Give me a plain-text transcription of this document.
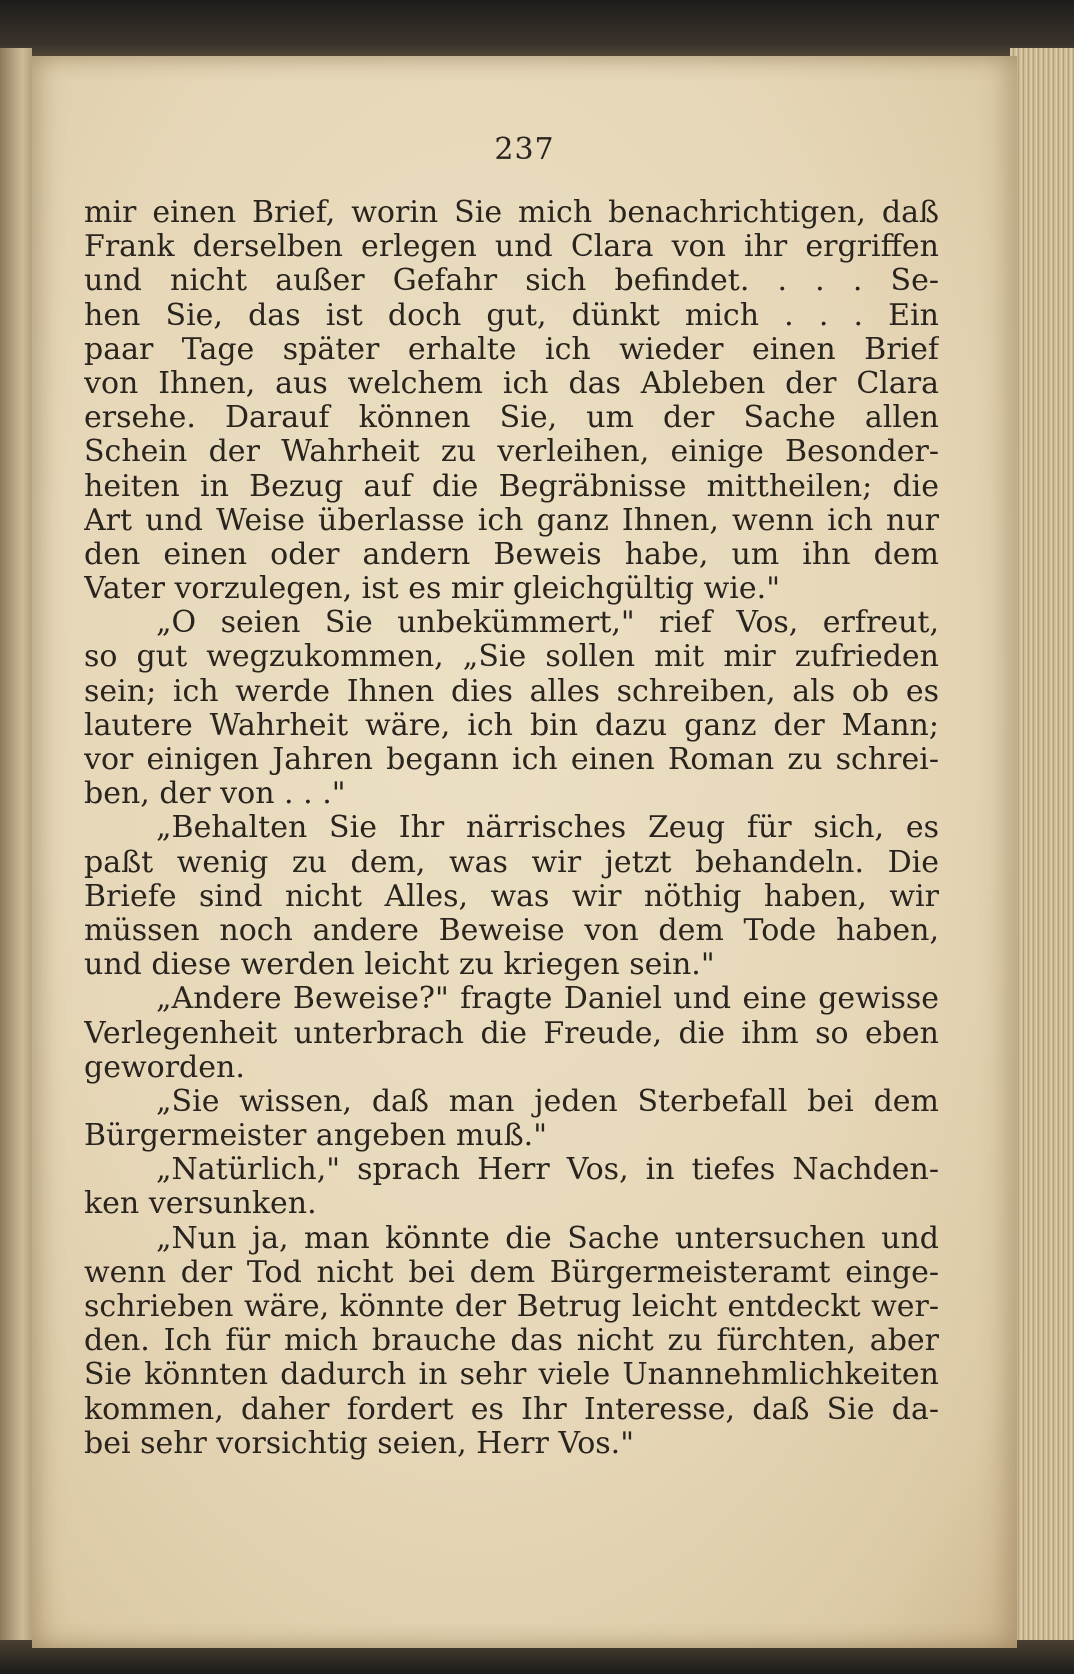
237
mir einen Brief, worin Sie mich benachrichtigen, daß
Frank derselben erlegen und Clara von ihr ergriffen
und nicht außer Gefahr sich befindet. . . . Se-
hen Sie, das ist doch gut, dünkt mich . . . Ein
paar Tage später erhalte ich wieder einen Brief
von Ihnen, aus welchem ich das Ableben der Clara
ersehe. Darauf können Sie, um der Sache allen
Schein der Wahrheit zu verleihen, einige Besonder-
heiten in Bezug auf die Begräbnisse mittheilen; die
Art und Weise überlasse ich ganz Ihnen, wenn ich nur
den einen oder andern Beweis habe, um ihn dem
Vater vorzulegen, ist es mir gleichgültig wie."
„O seien Sie unbekümmert," rief Vos, erfreut,
so gut wegzukommen, „Sie sollen mit mir zufrieden
sein; ich werde Ihnen dies alles schreiben, als ob es
lautere Wahrheit wäre, ich bin dazu ganz der Mann;
vor einigen Jahren begann ich einen Roman zu schrei-
ben, der von . . ."
„Behalten Sie Ihr närrisches Zeug für sich, es
paßt wenig zu dem, was wir jetzt behandeln. Die
Briefe sind nicht Alles, was wir nöthig haben, wir
müssen noch andere Beweise von dem Tode haben,
und diese werden leicht zu kriegen sein."
„Andere Beweise?" fragte Daniel und eine gewisse
Verlegenheit unterbrach die Freude, die ihm so eben
geworden.
„Sie wissen, daß man jeden Sterbefall bei dem
Bürgermeister angeben muß."
„Natürlich," sprach Herr Vos, in tiefes Nachden-
ken versunken.
„Nun ja, man könnte die Sache untersuchen und
wenn der Tod nicht bei dem Bürgermeisteramt einge-
schrieben wäre, könnte der Betrug leicht entdeckt wer-
den. Ich für mich brauche das nicht zu fürchten, aber
Sie könnten dadurch in sehr viele Unannehmlichkeiten
kommen, daher fordert es Ihr Interesse, daß Sie da-
bei sehr vorsichtig seien, Herr Vos."
